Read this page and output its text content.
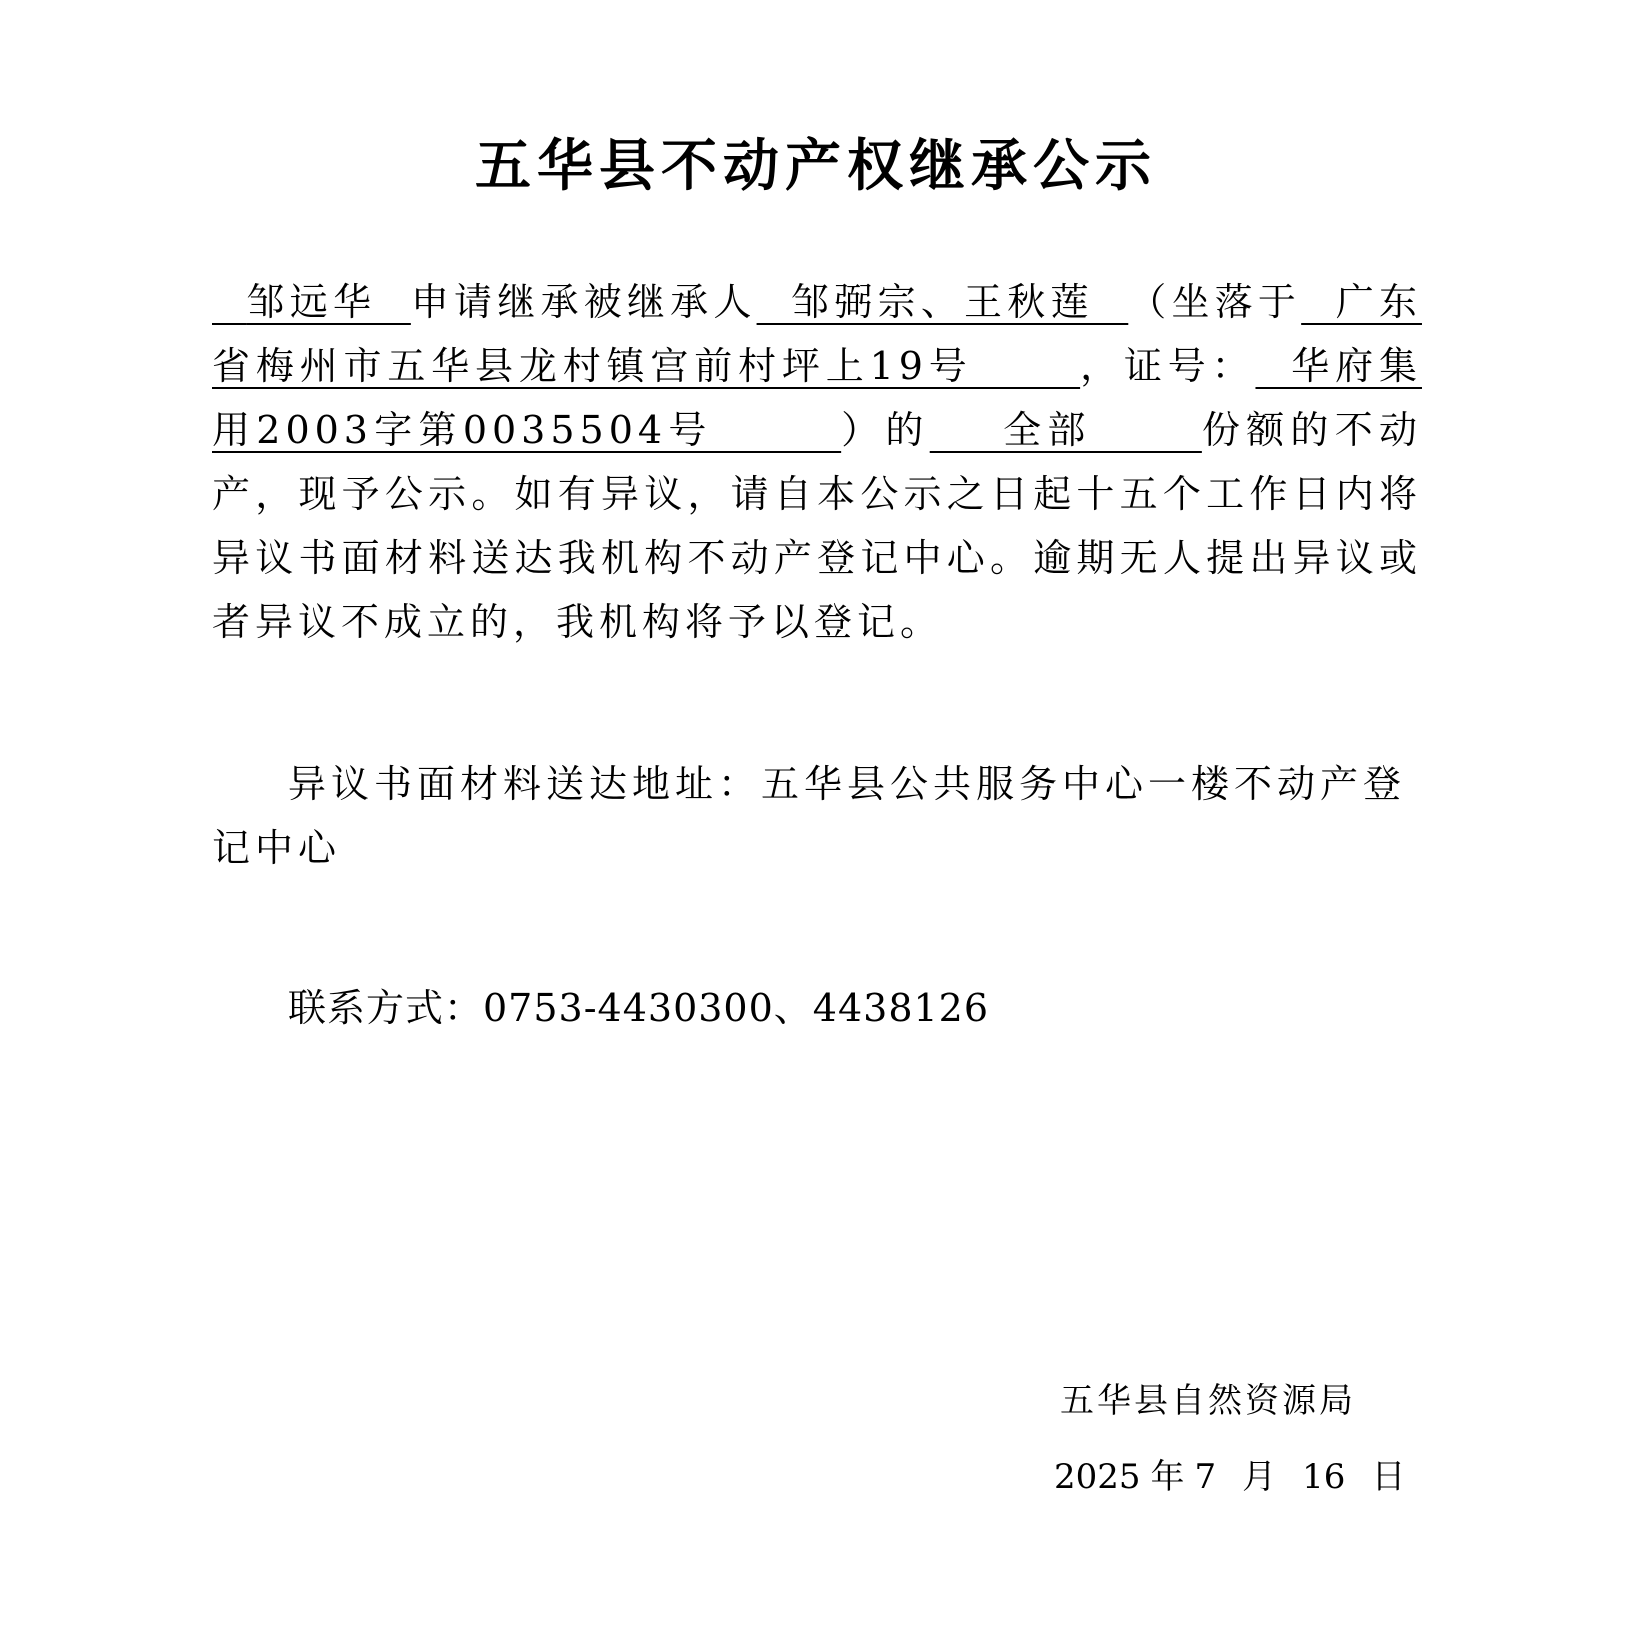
五华县不动产权继承公示

邹远华  申请继承被继承人  邹弼宗、王秋莲  （坐落于  广东省梅州市五华县龙村镇宫前村坪上19号      ，证号：  华府集用2003字第0035504号       ）的    全部      份额的不动产，现予公示。如有异议，请自本公示之日起十五个工作日内将异议书面材料送达我机构不动产登记中心。逾期无人提出异议或者异议不成立的，我机构将予以登记。

异议书面材料送达地址：五华县公共服务中心一楼不动产登记中心

联系方式：0753-4430300、4438126

五华县自然资源局

2025 年 7 月 16 日
